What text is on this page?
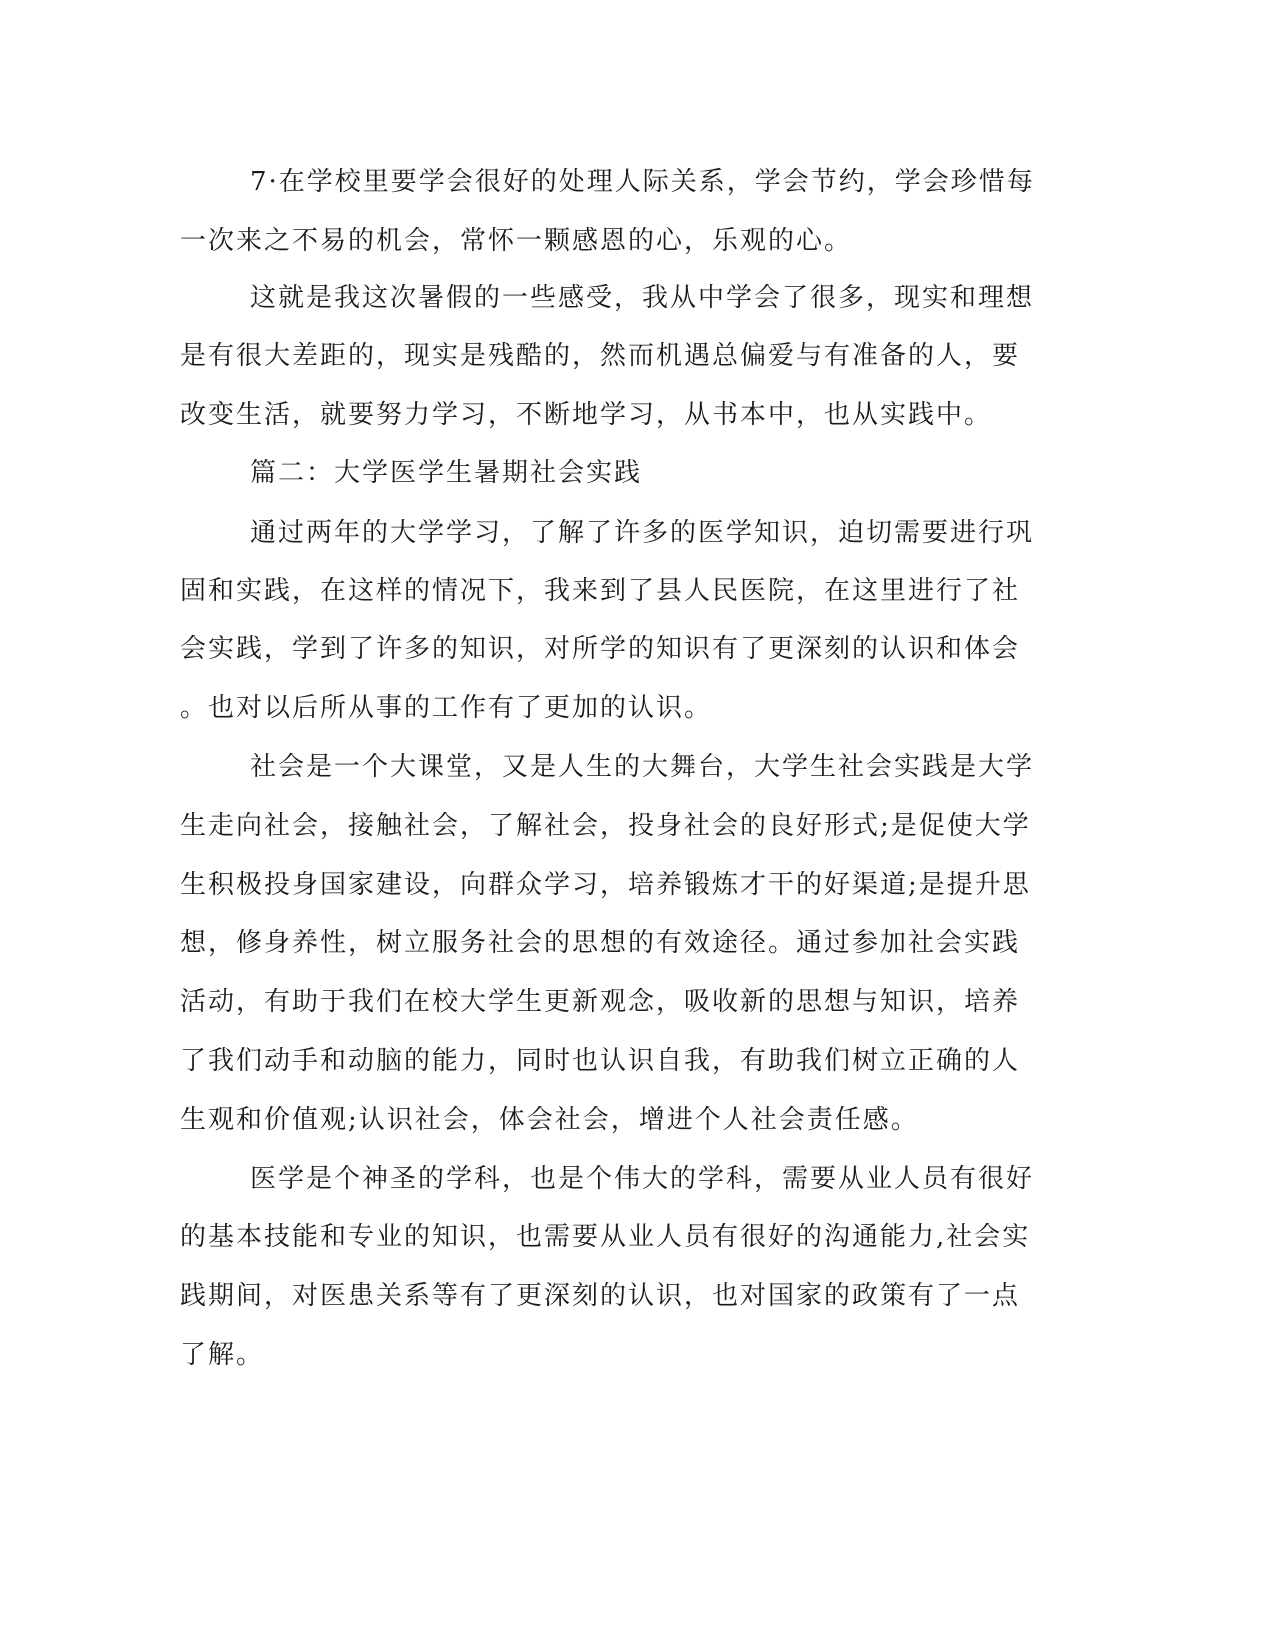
7·在学校里要学会很好的处理人际关系，学会节约，学会珍惜每

一次来之不易的机会，常怀一颗感恩的心，乐观的心。

这就是我这次暑假的一些感受，我从中学会了很多，现实和理想

是有很大差距的，现实是残酷的，然而机遇总偏爱与有准备的人，要

改变生活，就要努力学习，不断地学习，从书本中，也从实践中。

篇二：大学医学生暑期社会实践

通过两年的大学学习，了解了许多的医学知识，迫切需要进行巩

固和实践，在这样的情况下，我来到了县人民医院，在这里进行了社

会实践，学到了许多的知识，对所学的知识有了更深刻的认识和体会

。也对以后所从事的工作有了更加的认识。

社会是一个大课堂，又是人生的大舞台，大学生社会实践是大学

生走向社会，接触社会，了解社会，投身社会的良好形式;是促使大学

生积极投身国家建设，向群众学习，培养锻炼才干的好渠道;是提升思

想，修身养性，树立服务社会的思想的有效途径。通过参加社会实践

活动，有助于我们在校大学生更新观念，吸收新的思想与知识，培养

了我们动手和动脑的能力，同时也认识自我，有助我们树立正确的人

生观和价值观;认识社会，体会社会，增进个人社会责任感。

医学是个神圣的学科，也是个伟大的学科，需要从业人员有很好

的基本技能和专业的知识，也需要从业人员有很好的沟通能力,社会实

践期间，对医患关系等有了更深刻的认识，也对国家的政策有了一点

了解。
